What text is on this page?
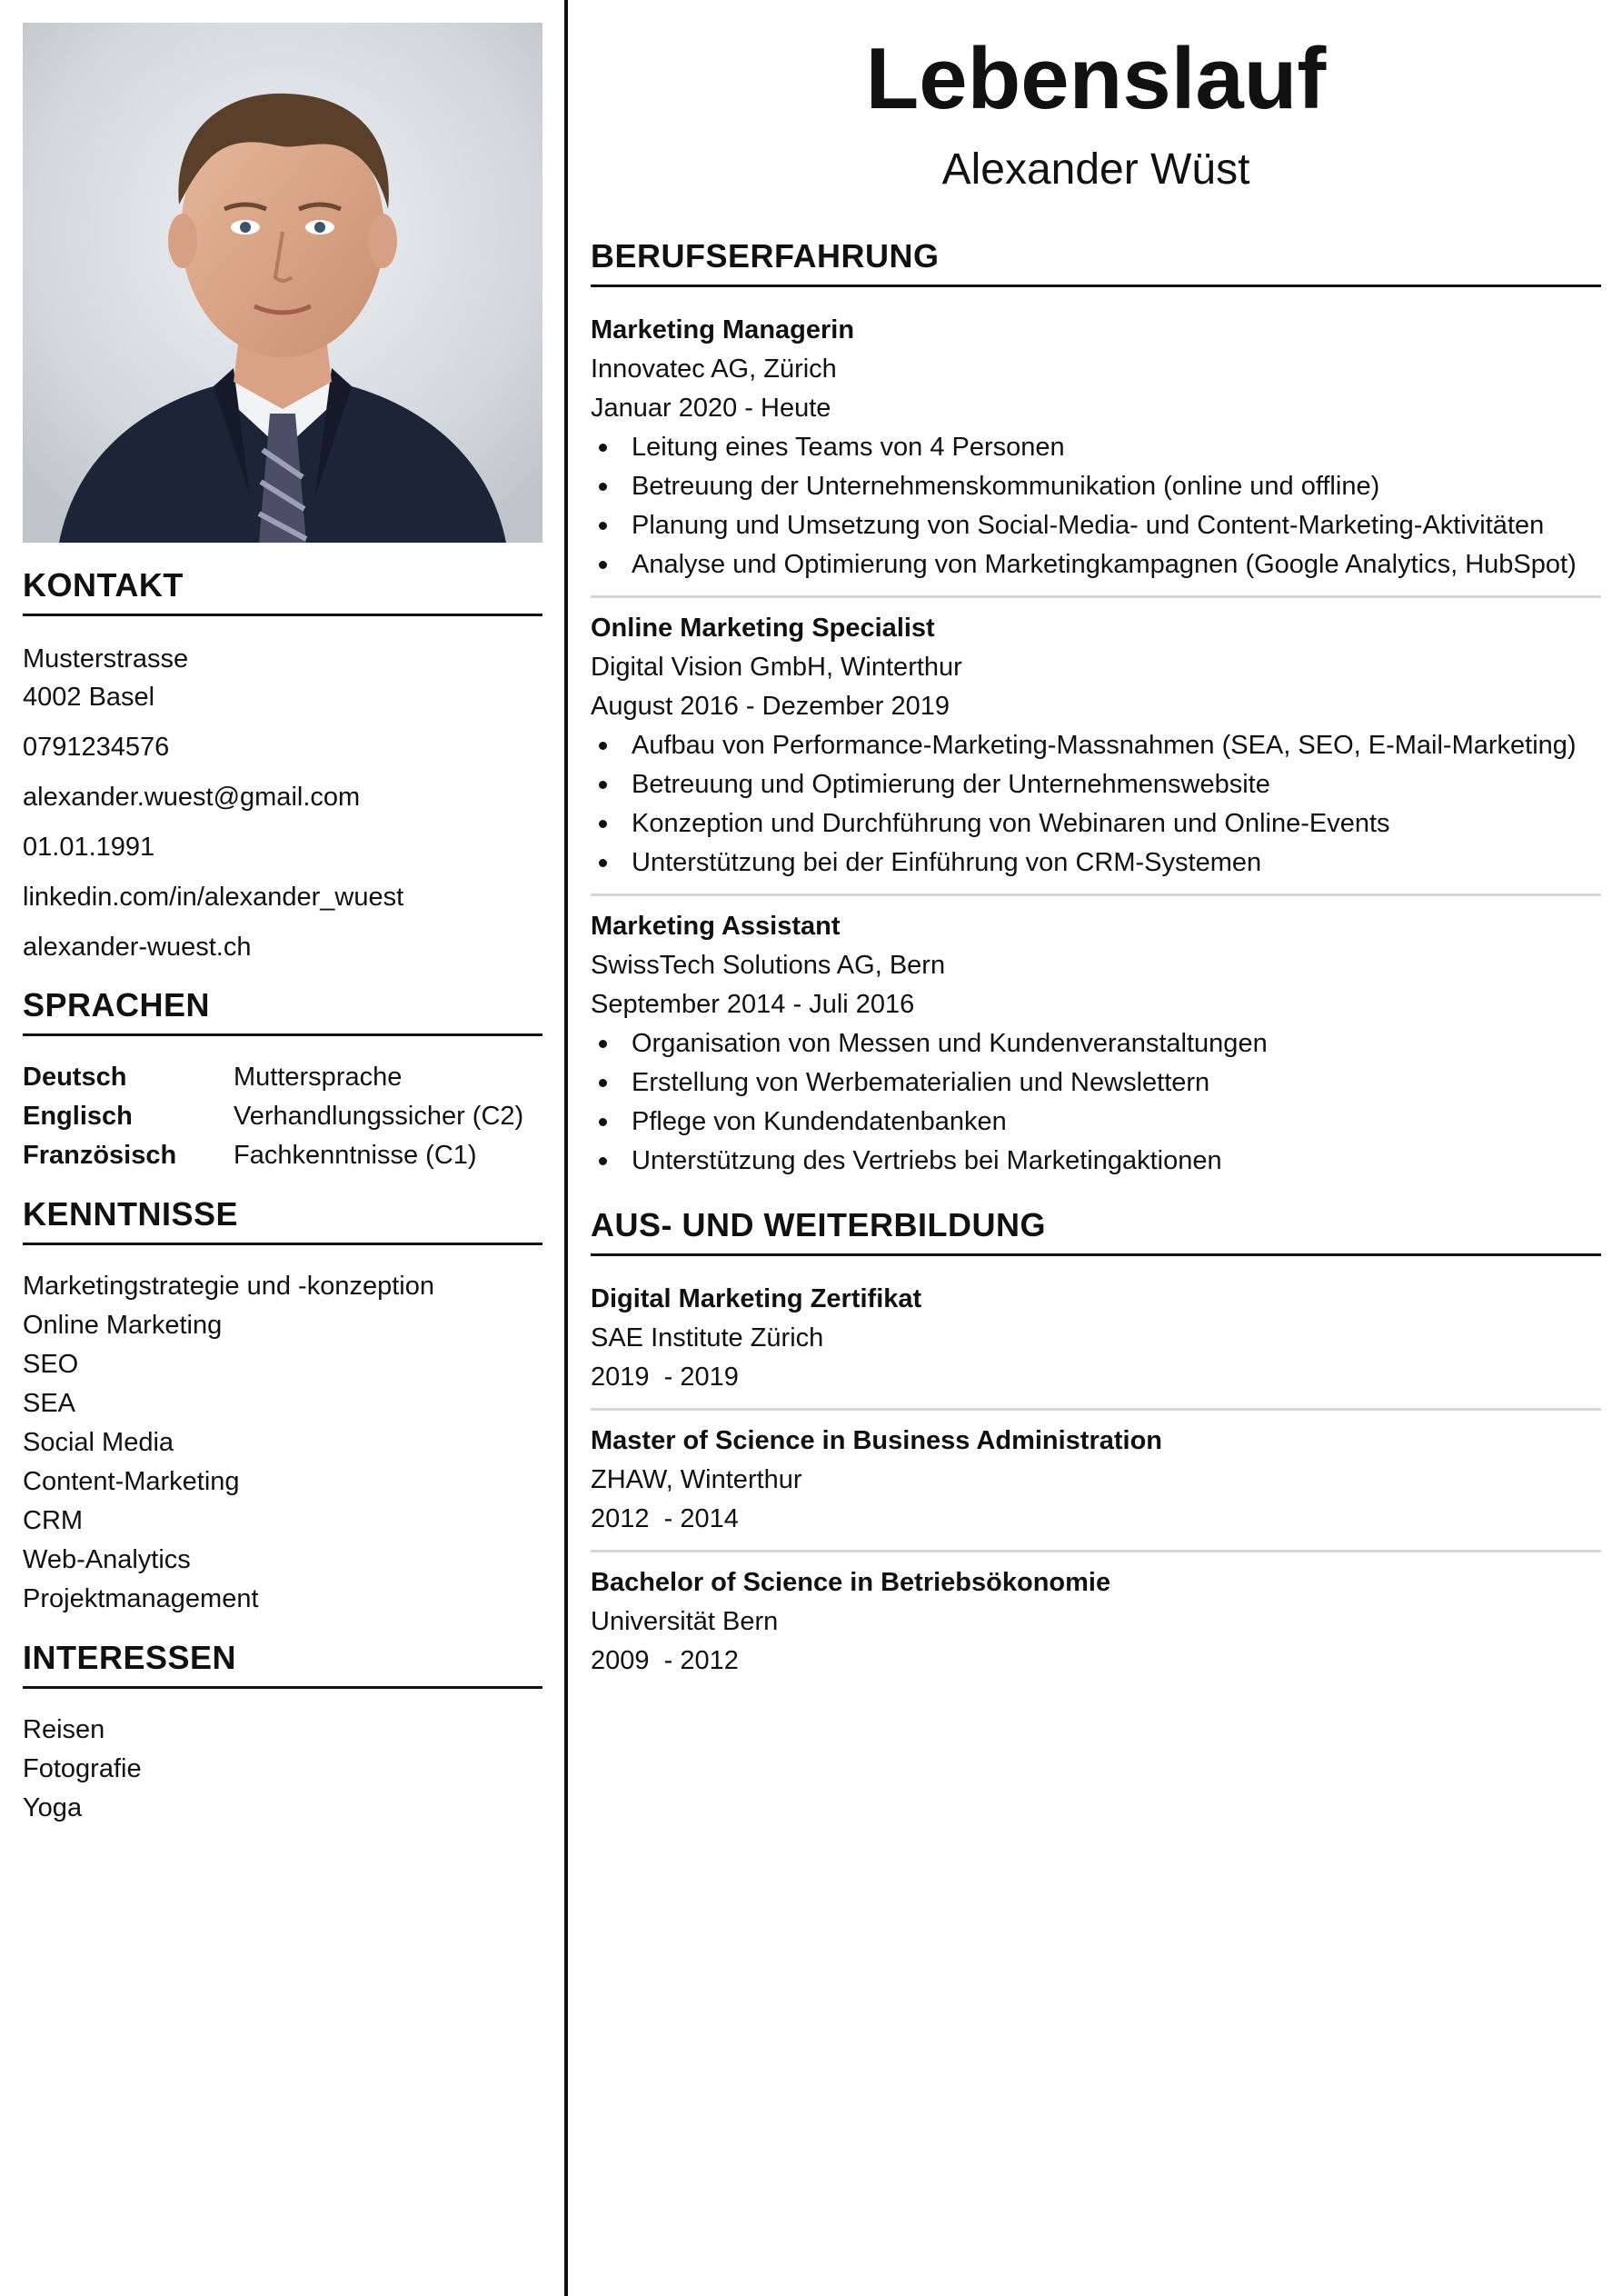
KONTAKT
Musterstrasse
4002 Basel
0791234576
alexander.wuest@gmail.com
01.01.1991
linkedin.com/in/alexander_wuest
alexander-wuest.ch
SPRACHEN
Deutsch	Muttersprache
Englisch	Verhandlungssicher (C2)
Französisch	Fachkenntnisse (C1)
KENNTNISSE
Marketingstrategie und -konzeption
Online Marketing
SEO
SEA
Social Media
Content-Marketing
CRM
Web-Analytics
Projektmanagement
INTERESSEN
Reisen
Fotografie
Yoga
Lebenslauf
Alexander Wüst
BERUFSERFAHRUNG
Marketing Managerin
Innovatec AG, Zürich
Januar 2020 - Heute
Leitung eines Teams von 4 Personen
Betreuung der Unternehmenskommunikation (online und offline)
Planung und Umsetzung von Social-Media- und Content-Marketing-Aktivitäten
Analyse und Optimierung von Marketingkampagnen (Google Analytics, HubSpot)
Online Marketing Specialist
Digital Vision GmbH, Winterthur
August 2016 - Dezember 2019
Aufbau von Performance-Marketing-Massnahmen (SEA, SEO, E-Mail-Marketing)
Betreuung und Optimierung der Unternehmenswebsite
Konzeption und Durchführung von Webinaren und Online-Events
Unterstützung bei der Einführung von CRM-Systemen
Marketing Assistant
SwissTech Solutions AG, Bern
September 2014 - Juli 2016
Organisation von Messen und Kundenveranstaltungen
Erstellung von Werbematerialien und Newslettern
Pflege von Kundendatenbanken
Unterstützung des Vertriebs bei Marketingaktionen
AUS- UND WEITERBILDUNG
Digital Marketing Zertifikat
SAE Institute Zürich
2019  - 2019
Master of Science in Business Administration
ZHAW, Winterthur
2012  - 2014
Bachelor of Science in Betriebsökonomie
Universität Bern
2009  - 2012
